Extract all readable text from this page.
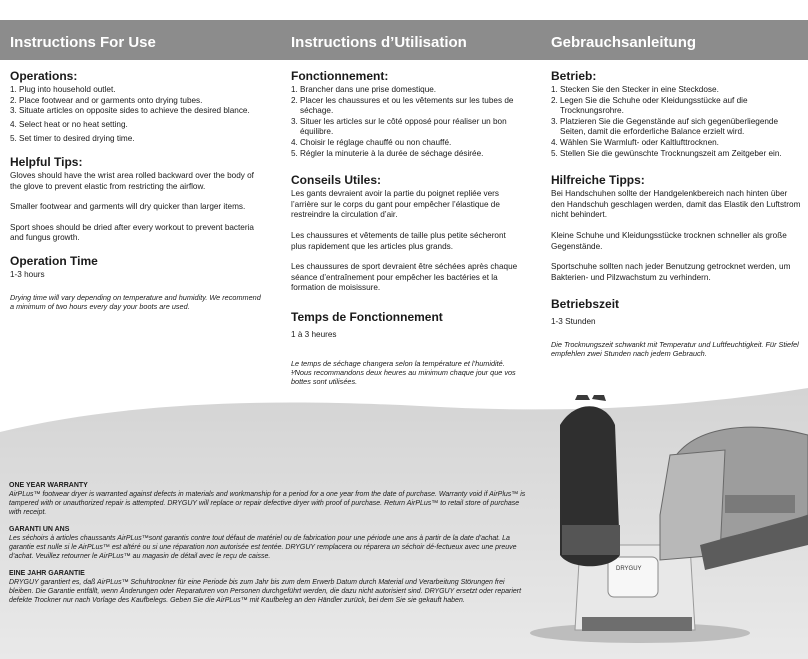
Instructions For Use	Instructions d’Utilisation	Gebrauchsanleitung
Operations:
1. Plug into household outlet.
2. Place footwear and or garments onto drying tubes.
3. Situate articles on opposite sides to achieve the desired blance.
4. Select heat or no heat setting.
5. Set timer to desired drying time.
Helpful Tips:

Gloves should have the wrist area rolled backward over the body of the glove to prevent elastic from restricting the airflow.

Smaller footwear and garments will dry quicker than larger items.

Sport shoes should be dried after every workout to prevent bacteria and fungus growth.

Operation Time

1-3 hours

Drying time will vary depending on temperature and humidity. We recommend a minimum of two hours every day your boots are used.

Fonctionnement:
1. Brancher dans une prise domestique.
2. Placer les chaussures et ou les vêtements sur les tubes de séchage.
3. Situer les articles sur le côté opposé pour réaliser un bon équilibre.
4. Choisir le réglage chauffé ou non chauffé.
5. Régler la minuterie à la durée de séchage désirée.
Conseils Utiles:

Les gants devraient avoir la partie du poignet repliée vers l’arrière sur le corps du gant pour empêcher l’élastique de restreindre la circulation d’air.

Les chaussures et vêtements de taille plus petite sécheront plus rapidement que les articles plus grands.

Les chaussures de sport devraient être séchées après chaque séance d’entraînement pour empêcher les bactéries et la formation de moisissure.

Temps de Fonctionnement

1 à 3 heures

Le temps de séchage changera selon la température et l’humidité. ¹⁄Nous recommandons deux heures au minimum chaque jour que vos bottes sont utilisées.

Betrieb:
1. Stecken Sie den Stecker in eine Steckdose.
2. Legen Sie die Schuhe oder Kleidungsstücke auf die Trocknungsrohre.
3. Platzieren Sie die Gegenstände auf sich gegenüberliegende Seiten, damit die erforderliche Balance erzielt wird.
4. Wählen Sie Warmluft- oder Kaltlufttrocknen.
5. Stellen Sie die gewünschte Trocknungszeit am Zeitgeber ein.
Hilfreiche Tipps:

Bei Handschuhen sollte der Handgelenkbereich nach hinten über den Handschuh geschlagen werden, damit das Elastik den Luftstrom nicht behindert.

Kleine Schuhe und Kleidungsstücke trocknen schneller als große Gegenstände.

Sportschuhe sollten nach jeder Benutzung getrocknet werden, um Bakterien- und Pilzwachstum zu verhindern.

Betriebszeit

1-3 Stunden

Die Trocknungszeit schwankt mit Temperatur und Luftfeuchtigkeit. Für Stiefel empfehlen zwei Stunden nach jedem Gebrauch.

ONE YEAR WARRANTY

AirPLus™ footwear dryer is warranted against defects in materials and workmanship for a period for a one year from the date of purchase. Warranty void if AirPlus™ is tampered with or unauthorized repair is attempted. DRYGUY will replace or repair defective dryer with proof of purchase. Return AirPLus™ to retail store of purchase with receipt.

GARANTI UN ANS

Les séchoirs à articles chaussants AirPLus™sont garantis contre tout défaut de matériel ou de fabrication pour une période une ans à partir de la date d’achat. La garantie est nulle si le AirPLus™ est altéré ou si une réparation non autorisée est tentée. DRYGUY remplacera ou réparera un séchoir dé-fectueux avec une preuve d’achat. Veuillez retourner le AirPLus™ au magasin de détail avec le reçu de caisse.

EINE JAHR GARANTIE

DRYGUY garantiert es, daß AirPLus™ Schuhtrockner für eine Periode bis zum Jahr bis zum dem Erwerb Datum durch Material und Verarbeitung Störungen frei bleiben. Die Garantie entfällt, wenn Änderungen oder Reparaturen von Personen durchgeführt werden, die dazu nicht autorisiert sind. DRYGUY ersetzt oder repariert defekte Trockner nur nach Vorlage des Kaufbelegs. Geben Sie die AirPLus™ mit Kaufbeleg an den Händler zurück, bei dem Sie sie gekauft haben.

DRYGUY
